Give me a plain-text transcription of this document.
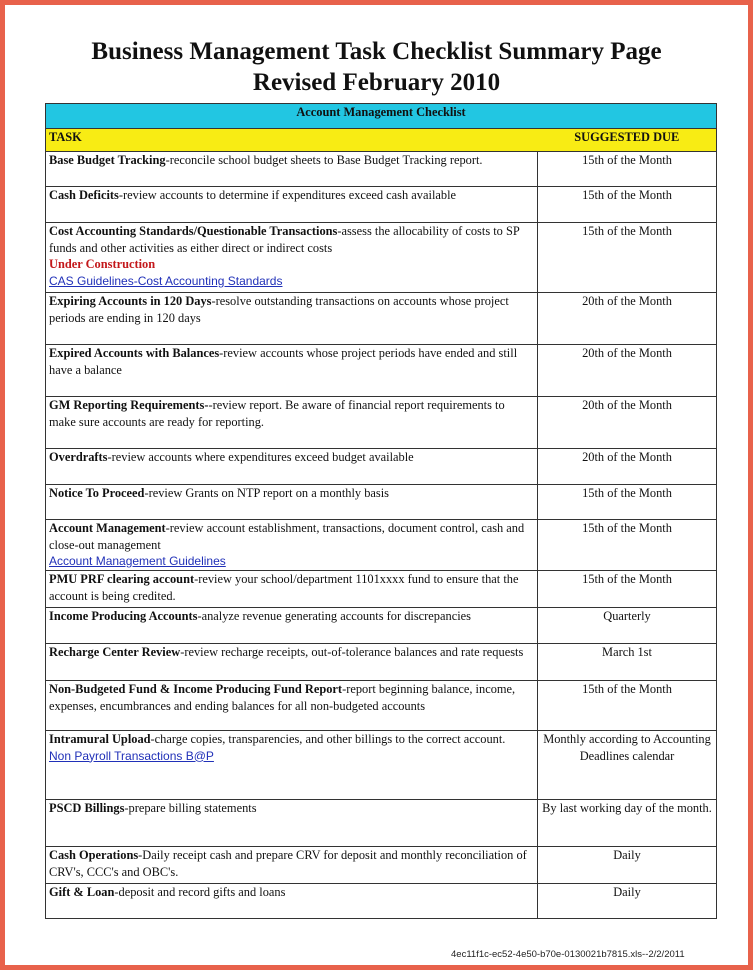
Business Management Task Checklist Summary Page
Revised February 2010
Account Management Checklist	
TASK	SUGGESTED DUE
Base Budget Tracking-reconcile school budget sheets to Base Budget Tracking report.	15th of the Month
Cash Deficits-review accounts to determine if expenditures exceed cash available	15th of the Month
Cost Accounting Standards/Questionable Transactions-assess the allocability of costs to SP funds and other activities as either direct or indirect costs
Under Construction
CAS Guidelines-Cost Accounting Standards	15th of the Month
Expiring Accounts in 120 Days-resolve outstanding transactions on accounts whose project periods are ending in 120 days	20th of the Month
Expired Accounts with Balances-review accounts whose project periods have ended and still have a balance	20th of the Month
GM Reporting Requirements--review report. Be aware of financial report requirements to make sure accounts are ready for reporting.	20th of the Month
Overdrafts-review accounts where expenditures exceed budget available	20th of the Month
Notice To Proceed-review Grants on NTP report on a monthly basis	15th of the Month
Account Management-review account establishment, transactions, document control, cash and close-out management
Account Management Guidelines	15th of the Month
PMU PRF clearing account-review your school/department 1101xxxx fund to ensure that the account is being credited.	15th of the Month
Income Producing Accounts-analyze revenue generating accounts for discrepancies	Quarterly
Recharge Center Review-review recharge receipts, out-of-tolerance balances and rate requests	March 1st
Non-Budgeted Fund & Income Producing Fund Report-report beginning balance, income, expenses, encumbrances and ending balances for all non-budgeted accounts	15th of the Month
Intramural Upload-charge copies, transparencies, and other billings to the correct account.
Non Payroll Transactions B@P	Monthly according to Accounting Deadlines calendar
PSCD Billings-prepare billing statements	By last working day of the month.
Cash Operations-Daily receipt cash and prepare CRV for deposit and monthly reconciliation of CRV's, CCC's and OBC's.	Daily
Gift & Loan-deposit and record gifts and loans	Daily
4ec11f1c-ec52-4e50-b70e-0130021b7815.xls--2/2/2011
